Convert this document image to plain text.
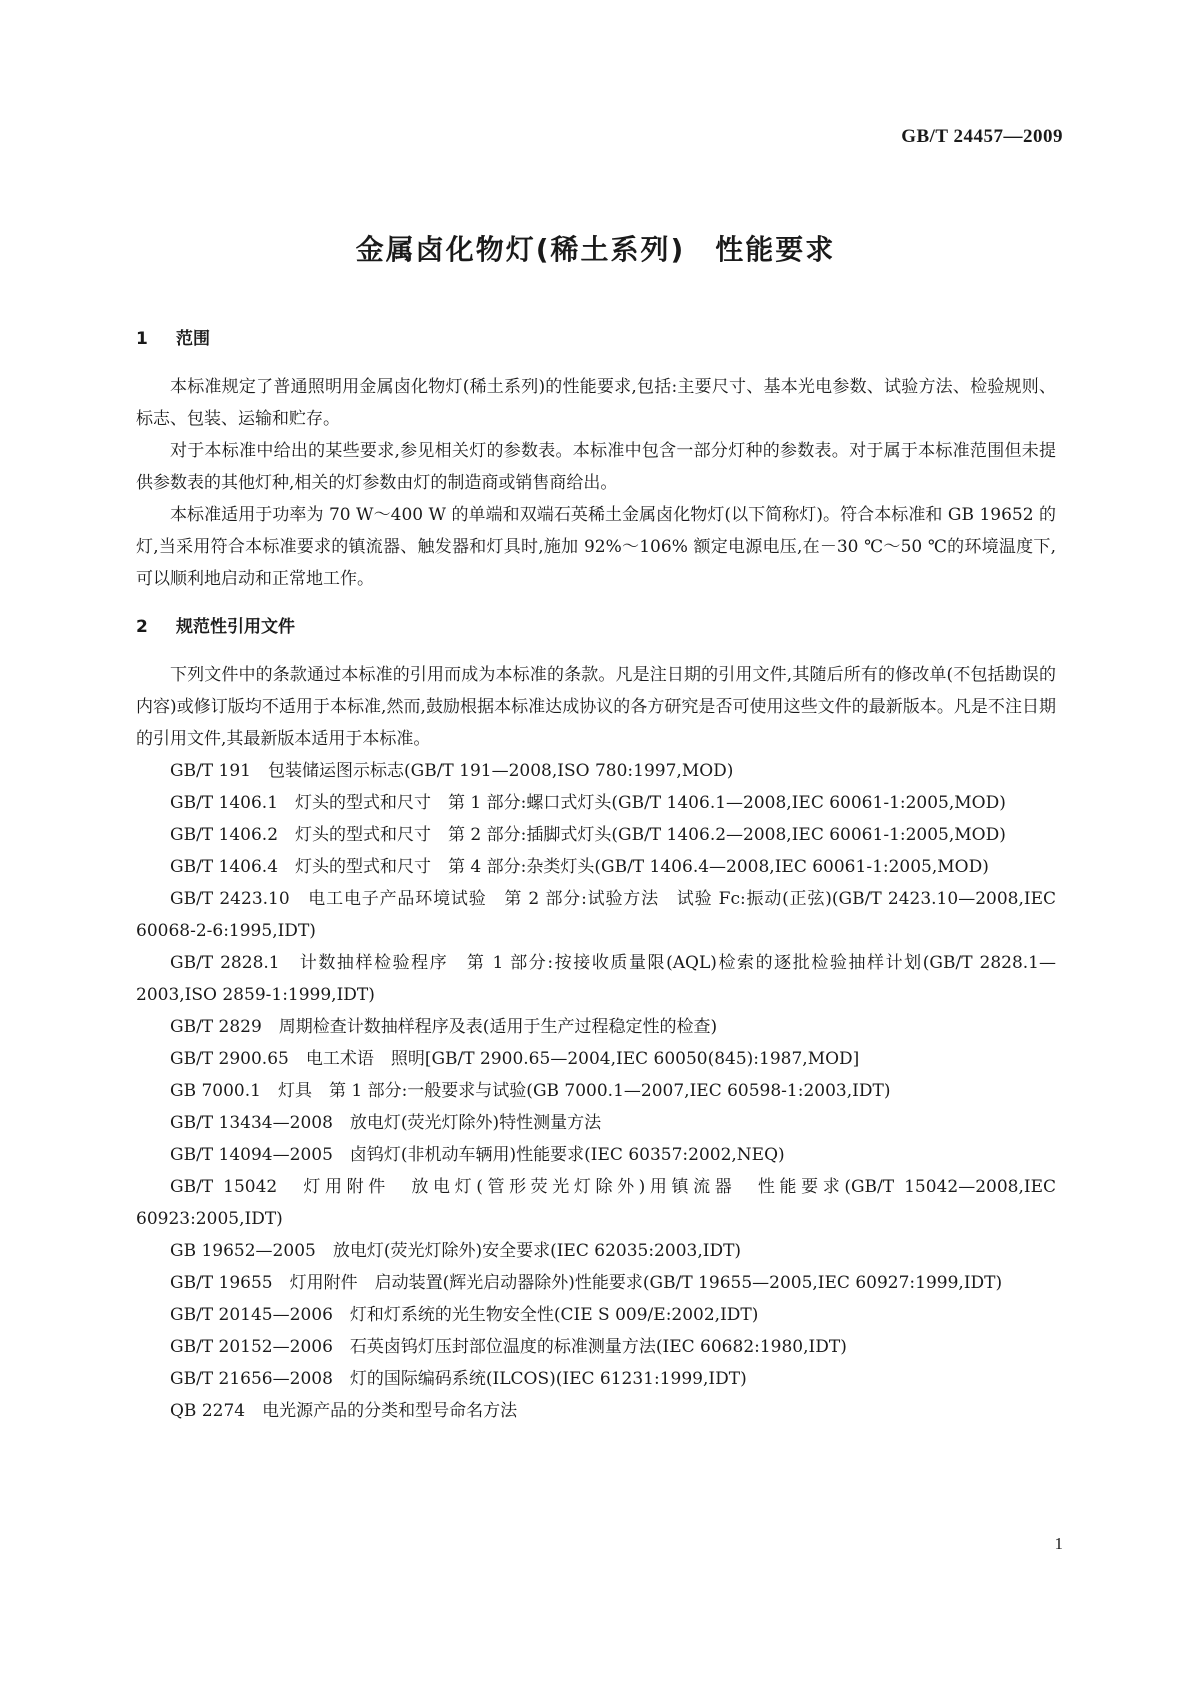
GB/T 24457—2009
金属卤化物灯(稀土系列)　性能要求
1 范围

本标准规定了普通照明用金属卤化物灯(稀土系列)的性能要求,包括:主要尺寸、基本光电参数、试验方法、检验规则、标志、包装、运输和贮存。

对于本标准中给出的某些要求,参见相关灯的参数表。本标准中包含一部分灯种的参数表。对于属于本标准范围但未提供参数表的其他灯种,相关的灯参数由灯的制造商或销售商给出。

本标准适用于功率为 70 W～400 W 的单端和双端石英稀土金属卤化物灯(以下简称灯)。符合本标准和 GB 19652 的灯,当采用符合本标准要求的镇流器、触发器和灯具时,施加 92%～106% 额定电源电压,在－30 ℃～50 ℃的环境温度下,可以顺利地启动和正常地工作。

2 规范性引用文件

下列文件中的条款通过本标准的引用而成为本标准的条款。凡是注日期的引用文件,其随后所有的修改单(不包括勘误的内容)或修订版均不适用于本标准,然而,鼓励根据本标准达成协议的各方研究是否可使用这些文件的最新版本。凡是不注日期的引用文件,其最新版本适用于本标准。

GB/T 191　包装储运图示标志(GB/T 191—2008,ISO 780:1997,MOD)
GB/T 1406.1　灯头的型式和尺寸　第 1 部分:螺口式灯头(GB/T 1406.1—2008,IEC 60061-1:2005,MOD)
GB/T 1406.2　灯头的型式和尺寸　第 2 部分:插脚式灯头(GB/T 1406.2—2008,IEC 60061-1:2005,MOD)
GB/T 1406.4　灯头的型式和尺寸　第 4 部分:杂类灯头(GB/T 1406.4—2008,IEC 60061-1:2005,MOD)
GB/T 2423.10　电工电子产品环境试验　第 2 部分:试验方法　试验 Fc:振动(正弦)(GB/T 2423.10—2008,IEC 60068-2-6:1995,IDT)
GB/T 2828.1　计数抽样检验程序　第 1 部分:按接收质量限(AQL)检索的逐批检验抽样计划(GB/T 2828.1—2003,ISO 2859-1:1999,IDT)
GB/T 2829　周期检查计数抽样程序及表(适用于生产过程稳定性的检查)
GB/T 2900.65　电工术语　照明[GB/T 2900.65—2004,IEC 60050(845):1987,MOD]
GB 7000.1　灯具　第 1 部分:一般要求与试验(GB 7000.1—2007,IEC 60598-1:2003,IDT)
GB/T 13434—2008　放电灯(荧光灯除外)特性测量方法
GB/T 14094—2005　卤钨灯(非机动车辆用)性能要求(IEC 60357:2002,NEQ)
GB/T 15042　灯用附件　放电灯(管形荧光灯除外)用镇流器　性能要求(GB/T 15042—2008,IEC 60923:2005,IDT)
GB 19652—2005　放电灯(荧光灯除外)安全要求(IEC 62035:2003,IDT)
GB/T 19655　灯用附件　启动装置(辉光启动器除外)性能要求(GB/T 19655—2005,IEC 60927:1999,IDT)
GB/T 20145—2006　灯和灯系统的光生物安全性(CIE S 009/E:2002,IDT)
GB/T 20152—2006　石英卤钨灯压封部位温度的标准测量方法(IEC 60682:1980,IDT)
GB/T 21656—2008　灯的国际编码系统(ILCOS)(IEC 61231:1999,IDT)
QB 2274　电光源产品的分类和型号命名方法
1
